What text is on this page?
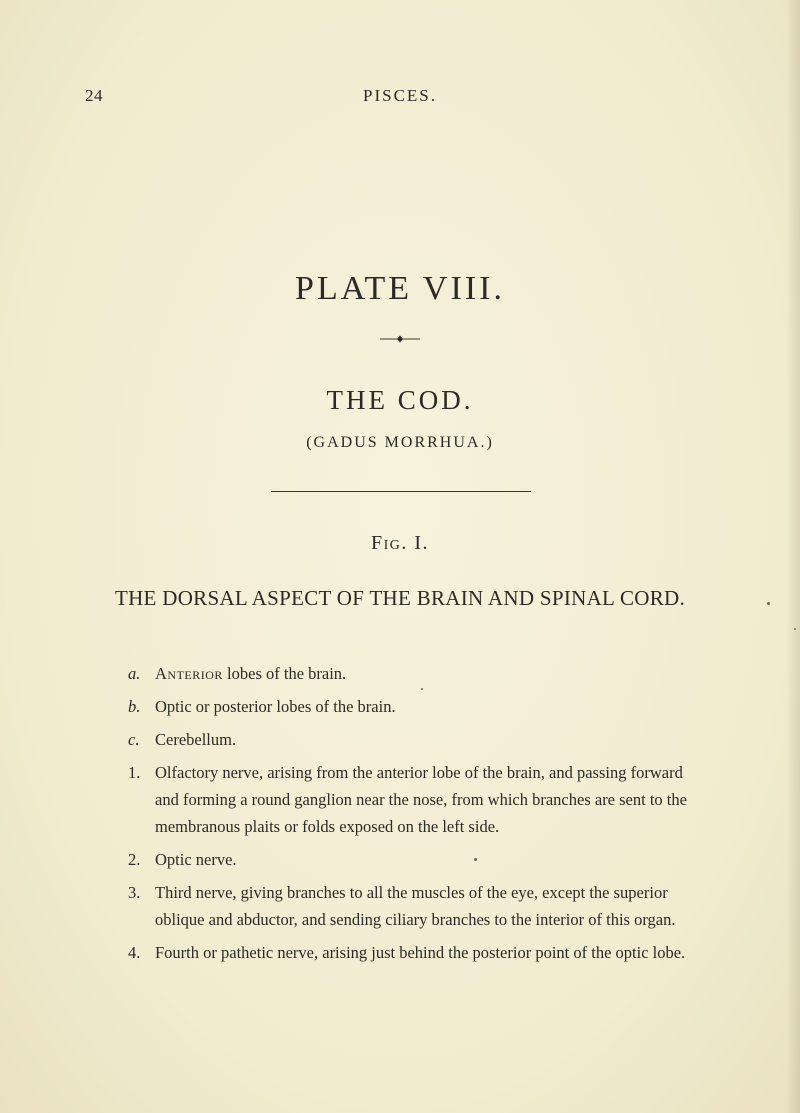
24	PISCES.
PLATE VIII.
THE COD.
(GADUS MORRHUA.)
Fig. I.
THE DORSAL ASPECT OF THE BRAIN AND SPINAL CORD.
a. Anterior lobes of the brain.
b. Optic or posterior lobes of the brain.
c. Cerebellum.
1. Olfactory nerve, arising from the anterior lobe of the brain, and passing forward and forming a round ganglion near the nose, from which branches are sent to the membranous plaits or folds exposed on the left side.
2. Optic nerve.
3. Third nerve, giving branches to all the muscles of the eye, except the superior oblique and abductor, and sending ciliary branches to the interior of this organ.
4. Fourth or pathetic nerve, arising just behind the posterior point of the optic lobe.
